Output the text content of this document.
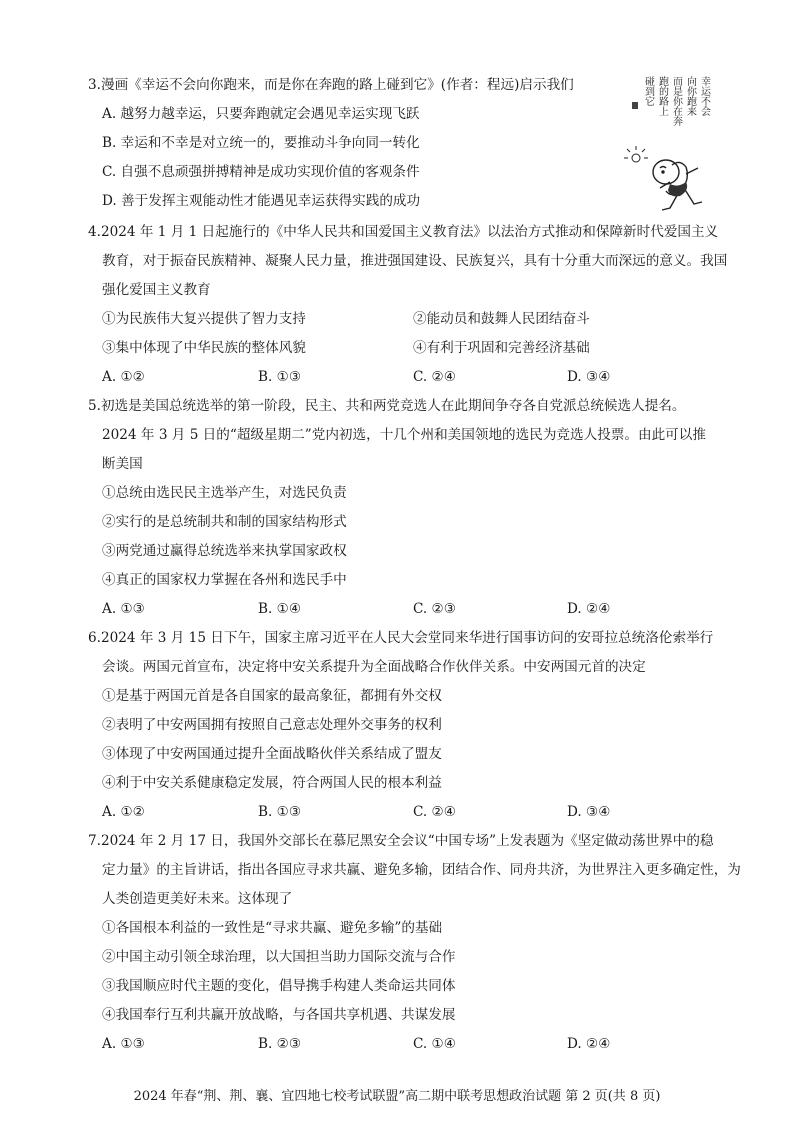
3.漫画《幸运不会向你跑来，而是你在奔跑的路上碰到它》(作者：程远)启示我们
A. 越努力越幸运，只要奔跑就定会遇见幸运实现飞跃
B. 幸运和不幸是对立统一的，要推动斗争向同一转化
C. 自强不息顽强拼搏精神是成功实现价值的客观条件
D. 善于发挥主观能动性才能遇见幸运获得实践的成功
幸运不会
向你跑来
而是你在奔
跑的路上
碰到它
4.2024 年 1 月 1 日起施行的《中华人民共和国爱国主义教育法》以法治方式推动和保障新时代爱国主义
教育，对于振奋民族精神、凝聚人民力量，推进强国建设、民族复兴，具有十分重大而深远的意义。我国
强化爱国主义教育
①为民族伟大复兴提供了智力支持	②能动员和鼓舞人民团结奋斗
③集中体现了中华民族的整体风貌	④有利于巩固和完善经济基础
A. ①②	B. ①③	C. ②④	D. ③④
5.初选是美国总统选举的第一阶段，民主、共和两党竞选人在此期间争夺各自党派总统候选人提名。
2024 年 3 月 5 日的“超级星期二”党内初选，十几个州和美国领地的选民为竞选人投票。由此可以推
断美国
①总统由选民民主选举产生，对选民负责
②实行的是总统制共和制的国家结构形式
③两党通过赢得总统选举来执掌国家政权
④真正的国家权力掌握在各州和选民手中
A. ①③	B. ①④	C. ②③	D. ②④
6.2024 年 3 月 15 日下午，国家主席习近平在人民大会堂同来华进行国事访问的安哥拉总统洛伦索举行
会谈。两国元首宣布，决定将中安关系提升为全面战略合作伙伴关系。中安两国元首的决定
①是基于两国元首是各自国家的最高象征，都拥有外交权
②表明了中安两国拥有按照自己意志处理外交事务的权利
③体现了中安两国通过提升全面战略伙伴关系结成了盟友
④利于中安关系健康稳定发展，符合两国人民的根本利益
A. ①②	B. ①③	C. ②④	D. ③④
7.2024 年 2 月 17 日，我国外交部长在慕尼黑安全会议“中国专场”上发表题为《坚定做动荡世界中的稳
定力量》的主旨讲话，指出各国应寻求共赢、避免多输，团结合作、同舟共济，为世界注入更多确定性，为
人类创造更美好未来。这体现了
①各国根本利益的一致性是“寻求共赢、避免多输”的基础
②中国主动引领全球治理，以大国担当助力国际交流与合作
③我国顺应时代主题的变化，倡导携手构建人类命运共同体
④我国奉行互利共赢开放战略，与各国共享机遇、共谋发展
A. ①③	B. ②③	C. ①④	D. ②④
2024 年春“荆、荆、襄、宜四地七校考试联盟”高二期中联考思想政治试题 第 2 页(共 8 页)
